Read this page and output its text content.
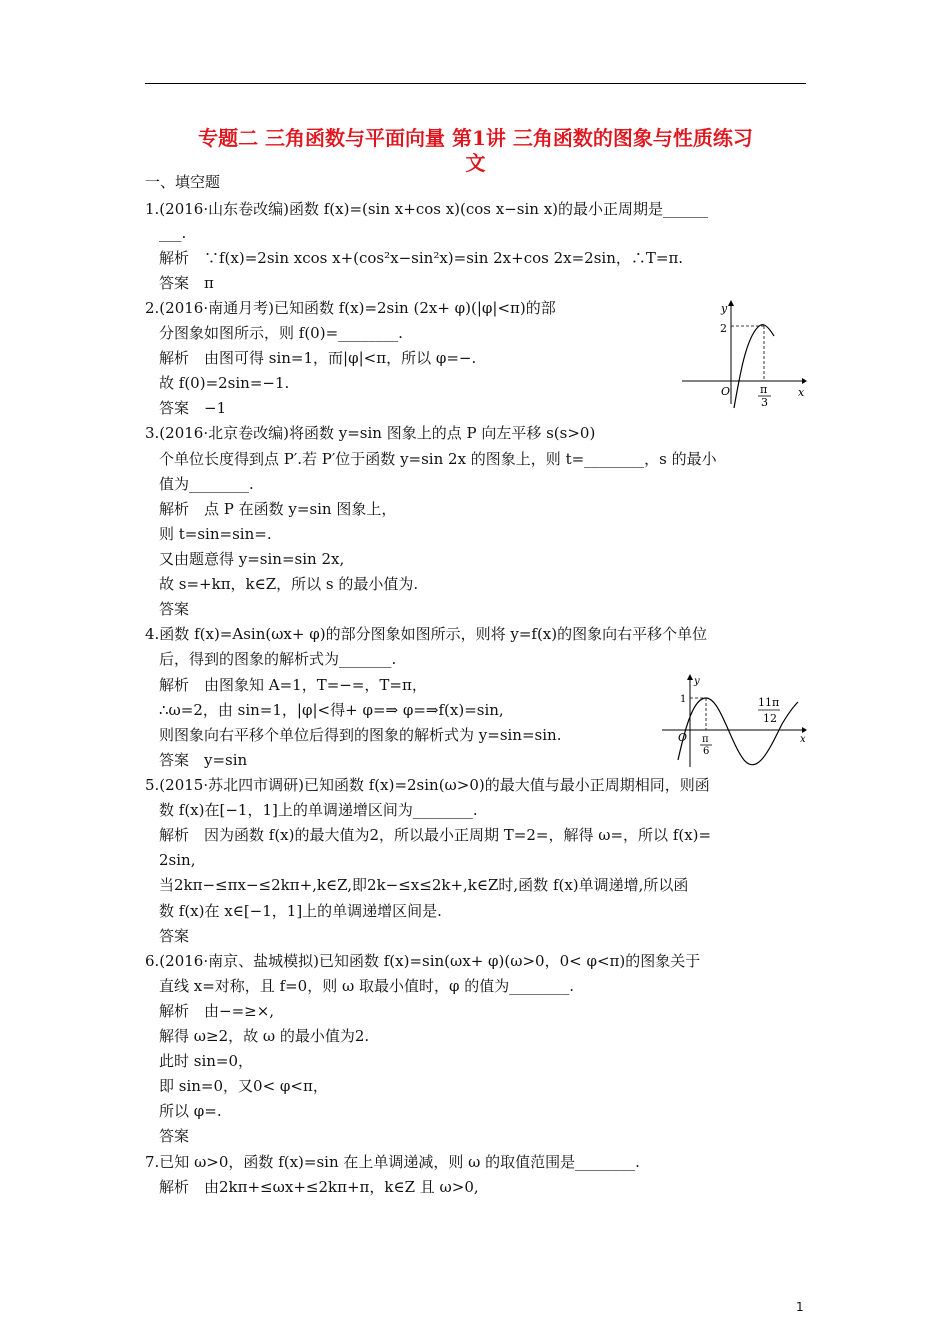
专题二 三角函数与平面向量 第1讲 三角函数的图象与性质练习
文
一、填空题
1.(2016·山东卷改编)函数 f(x)=(sin x+cos x)(cos x−sin x)的最小正周期是______
___.
解析　∵f(x)=2sin xcos x+(cos²x−sin²x)=sin 2x+cos 2x=2sin，∴T=π.
答案　π
2.(2016·南通月考)已知函数 f(x)=2sin (2x+ φ)(|φ|<π)的部
分图象如图所示，则 f(0)=________.
解析　由图可得 sin=1，而|φ|<π，所以 φ=−.
故 f(0)=2sin=−1.
答案　−1
3.(2016·北京卷改编)将函数 y=sin 图象上的点 P 向左平移 s(s>0)
个单位长度得到点 P′.若 P′位于函数 y=sin 2x 的图象上，则 t=________，s 的最小
值为________.
解析　点 P 在函数 y=sin 图象上，
则 t=sin=sin=.
又由题意得 y=sin=sin 2x,
故 s=+kπ，k∈Z，所以 s 的最小值为.
答案
4.函数 f(x)=Asin(ωx+ φ)的部分图象如图所示，则将 y=f(x)的图象向右平移个单位
后，得到的图象的解析式为_______.
解析　由图象知 A=1，T=−=，T=π，
∴ω=2，由 sin=1，|φ|<得+ φ=⇒ φ=⇒f(x)=sin,
则图象向右平移个单位后得到的图象的解析式为 y=sin=sin.
答案　y=sin
5.(2015·苏北四市调研)已知函数 f(x)=2sin(ω>0)的最大值与最小正周期相同，则函
数 f(x)在[−1，1]上的单调递增区间为________.
解析　因为函数 f(x)的最大值为2，所以最小正周期 T=2=，解得 ω=，所以 f(x)=
2sin,
当2kπ−≤πx−≤2kπ+,k∈Z,即2k−≤x≤2k+,k∈Z时,函数 f(x)单调递增,所以函
数 f(x)在 x∈[−1，1]上的单调递增区间是.
答案
6.(2016·南京、盐城模拟)已知函数 f(x)=sin(ωx+ φ)(ω>0，0< φ<π)的图象关于
直线 x=对称，且 f=0，则 ω 取最小值时，φ 的值为________.
解析　由−=≥×,
解得 ω≥2，故 ω 的最小值为2.
此时 sin=0，
即 sin=0，又0< φ<π，
所以 φ=.
答案
7.已知 ω>0，函数 f(x)=sin 在上单调递减，则 ω 的取值范围是________.
解析　由2kπ+≤ωx+≤2kπ+π，k∈Z 且 ω>0,
y
x
O
2
π
3
y
x
O
1
π
6
11π
12
1
